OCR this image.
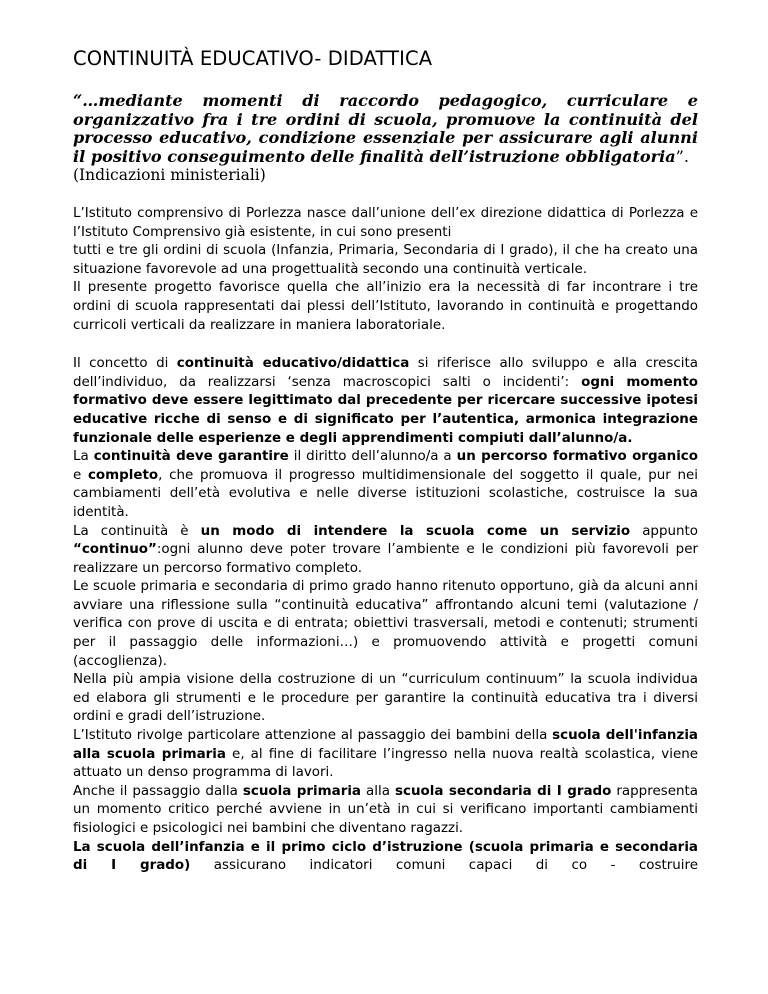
CONTINUITÀ EDUCATIVO- DIDATTICA

“…mediante momenti di raccordo pedagogico, curriculare e organizzativo fra i tre ordini di scuola, promuove la continuità del processo educativo, condizione essenziale per assicurare agli alunni il positivo conseguimento delle finalità dell’istruzione obbligatoria”.

(Indicazioni ministeriali)

L’Istituto comprensivo di Porlezza nasce dall’unione dell’ex direzione didattica di Porlezza e l’Istituto Comprensivo già esistente, in cui sono presenti

tutti e tre gli ordini di scuola (Infanzia, Primaria, Secondaria di I grado), il che ha creato una situazione favorevole ad una progettualità secondo una continuità verticale.

Il presente progetto favorisce quella che all’inizio era la necessità di far incontrare i tre ordini di scuola rappresentati dai plessi dell’Istituto, lavorando in continuità e progettando curricoli verticali da realizzare in maniera laboratoriale.

Il concetto di continuità educativo/didattica si riferisce allo sviluppo e alla crescita dell’individuo, da realizzarsi ‘senza macroscopici salti o incidenti’: ogni momento formativo deve essere legittimato dal precedente per ricercare successive ipotesi educative ricche di senso e di significato per l’autentica, armonica integrazione funzionale delle esperienze e degli apprendimenti compiuti dall’alunno/a.

La continuità deve garantire il diritto dell’alunno/a a un percorso formativo organico e completo, che promuova il progresso multidimensionale del soggetto il quale, pur nei cambiamenti dell’età evolutiva e nelle diverse istituzioni scolastiche, costruisce la sua identità.

La continuità è un modo di intendere la scuola come un servizio appunto “continuo”:ogni alunno deve poter trovare l’ambiente e le condizioni più favorevoli per realizzare un percorso formativo completo.

Le scuole primaria e secondaria di primo grado hanno ritenuto opportuno, già da alcuni anni avviare una riflessione sulla “continuità educativa” affrontando alcuni temi (valutazione / verifica con prove di uscita e di entrata; obiettivi trasversali, metodi e contenuti; strumenti per il passaggio delle informazioni…) e promuovendo attività e progetti comuni (accoglienza).

Nella più ampia visione della costruzione di un “curriculum continuum” la scuola individua ed elabora gli strumenti e le procedure per garantire la continuità educativa tra i diversi ordini e gradi dell’istruzione.

L’Istituto rivolge particolare attenzione al passaggio dei bambini della scuola dell'infanzia alla scuola primaria e, al fine di facilitare l’ingresso nella nuova realtà scolastica, viene attuato un denso programma di lavori.

Anche il passaggio dalla scuola primaria alla scuola secondaria di I grado rappresenta un momento critico perché avviene in un’età in cui si verificano importanti cambiamenti fisiologici e psicologici nei bambini che diventano ragazzi.

La scuola dell’infanzia e il primo ciclo d’istruzione (scuola primaria e secondaria di I grado) assicurano indicatori comuni capaci di co - costruire
